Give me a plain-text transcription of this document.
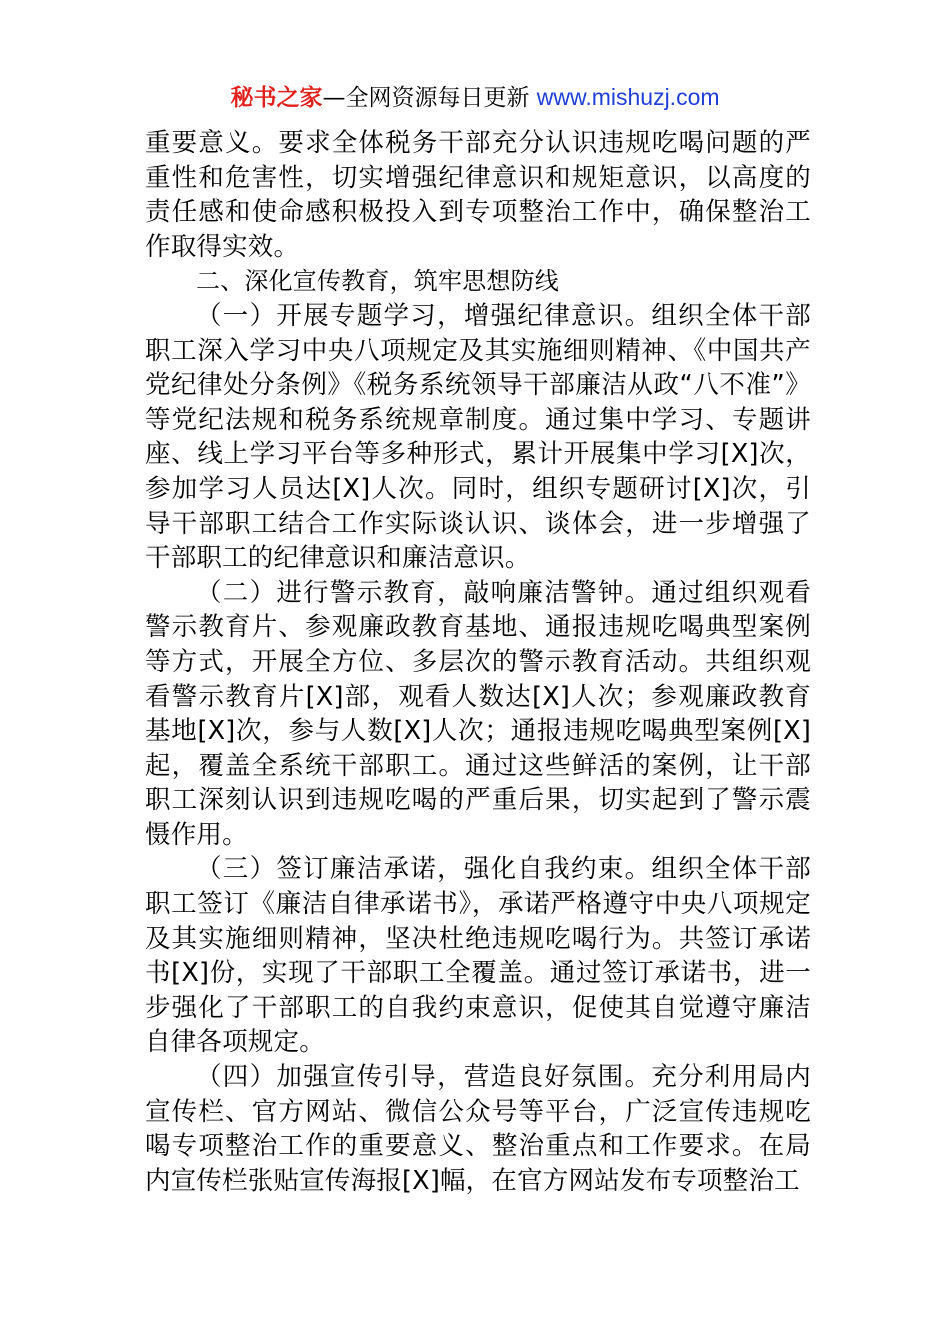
秘书之家—全网资源每日更新 www.mishuzj.com

重要意义。要求全体税务干部充分认识违规吃喝问题的严重性和危害性，切实增强纪律意识和规矩意识，以高度的责任感和使命感积极投入到专项整治工作中，确保整治工作取得实效。

二、深化宣传教育，筑牢思想防线

（一）开展专题学习，增强纪律意识。组织全体干部职工深入学习中央八项规定及其实施细则精神、《中国共产党纪律处分条例》《税务系统领导干部廉洁从政“八不准”》等党纪法规和税务系统规章制度。通过集中学习、专题讲座、线上学习平台等多种形式，累计开展集中学习[X]次，参加学习人员达[X]人次。同时，组织专题研讨[X]次，引导干部职工结合工作实际谈认识、谈体会，进一步增强了干部职工的纪律意识和廉洁意识。

（二）进行警示教育，敲响廉洁警钟。通过组织观看警示教育片、参观廉政教育基地、通报违规吃喝典型案例等方式，开展全方位、多层次的警示教育活动。共组织观看警示教育片[X]部，观看人数达[X]人次；参观廉政教育基地[X]次，参与人数[X]人次；通报违规吃喝典型案例[X]起，覆盖全系统干部职工。通过这些鲜活的案例，让干部职工深刻认识到违规吃喝的严重后果，切实起到了警示震慑作用。

（三）签订廉洁承诺，强化自我约束。组织全体干部职工签订《廉洁自律承诺书》，承诺严格遵守中央八项规定及其实施细则精神，坚决杜绝违规吃喝行为。共签订承诺书[X]份，实现了干部职工全覆盖。通过签订承诺书，进一步强化了干部职工的自我约束意识，促使其自觉遵守廉洁自律各项规定。

（四）加强宣传引导，营造良好氛围。充分利用局内宣传栏、官方网站、微信公众号等平台，广泛宣传违规吃喝专项整治工作的重要意义、整治重点和工作要求。在局内宣传栏张贴宣传海报[X]幅，在官方网站发布专项整治工
